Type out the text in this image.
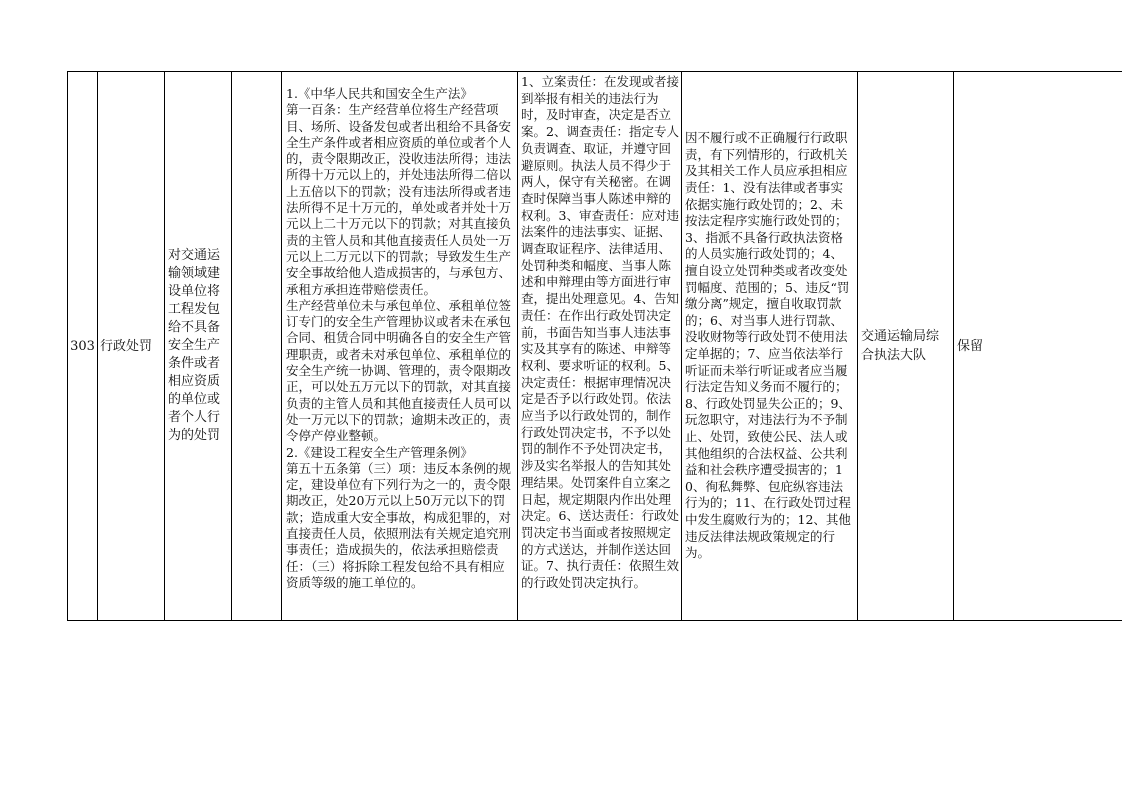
303 行政处罚
对交通运输领域建设单位将工程发包给不具备安全生产条件或者相应资质的单位或者个人行为的处罚

1.《中华人民共和国安全生产法》

第一百条：生产经营单位将生产经营项目、场所、设备发包或者出租给不具备安全生产条件或者相应资质的单位或者个人的，责令限期改正，没收违法所得；违法所得十万元以上的，并处违法所得二倍以上五倍以下的罚款；没有违法所得或者违法所得不足十万元的，单处或者并处十万元以上二十万元以下的罚款；对其直接负责的主管人员和其他直接责任人员处一万元以上二万元以下的罚款；导致发生生产安全事故给他人造成损害的，与承包方、承租方承担连带赔偿责任。

生产经营单位未与承包单位、承租单位签订专门的安全生产管理协议或者未在承包合同、租赁合同中明确各自的安全生产管理职责，或者未对承包单位、承租单位的安全生产统一协调、管理的，责令限期改正，可以处五万元以下的罚款，对其直接负责的主管人员和其他直接责任人员可以处一万元以下的罚款；逾期未改正的，责令停产停业整顿。

2.《建设工程安全生产管理条例》

第五十五条第（三）项：违反本条例的规定，建设单位有下列行为之一的，责令限期改正，处20万元以上50万元以下的罚款；造成重大安全事故，构成犯罪的，对直接责任人员，依照刑法有关规定追究刑事责任；造成损失的，依法承担赔偿责任：（三）将拆除工程发包给不具有相应资质等级的施工单位的。

1、立案责任：在发现或者接到举报有相关的违法行为时，及时审查，决定是否立案。2、调查责任：指定专人负责调查、取证，并遵守回避原则。执法人员不得少于两人，保守有关秘密。在调查时保障当事人陈述申辩的权利。3、审查责任：应对违法案件的违法事实、证据、调查取证程序、法律适用、处罚种类和幅度、当事人陈述和申辩理由等方面进行审查，提出处理意见。4、告知责任：在作出行政处罚决定前，书面告知当事人违法事实及其享有的陈述、申辩等权利、要求听证的权利。5、决定责任：根据审理情况决定是否予以行政处罚。依法应当予以行政处罚的，制作行政处罚决定书，不予以处罚的制作不予处罚决定书，涉及实名举报人的告知其处理结果。处罚案件自立案之日起，规定期限内作出处理决定。6、送达责任：行政处罚决定书当面或者按照规定的方式送达，并制作送达回证。7、执行责任：依照生效的行政处罚决定执行。

因不履行或不正确履行行政职责，有下列情形的，行政机关及其相关工作人员应承担相应责任：1、没有法律或者事实依据实施行政处罚的；2、未按法定程序实施行政处罚的；3、指派不具备行政执法资格的人员实施行政处罚的；4、擅自设立处罚种类或者改变处罚幅度、范围的；5、违反“罚缴分离”规定，擅自收取罚款的；6、对当事人进行罚款、没收财物等行政处罚不使用法定单据的；7、应当依法举行听证而未举行听证或者应当履行法定告知义务而不履行的；8、行政处罚显失公正的；9、玩忽职守，对违法行为不予制止、处罚，致使公民、法人或其他组织的合法权益、公共利益和社会秩序遭受损害的；10、徇私舞弊、包庇纵容违法行为的；11、在行政处罚过程中发生腐败行为的；12、其他违反法律法规政策规定的行为。

交通运输局综合执法大队
保留
